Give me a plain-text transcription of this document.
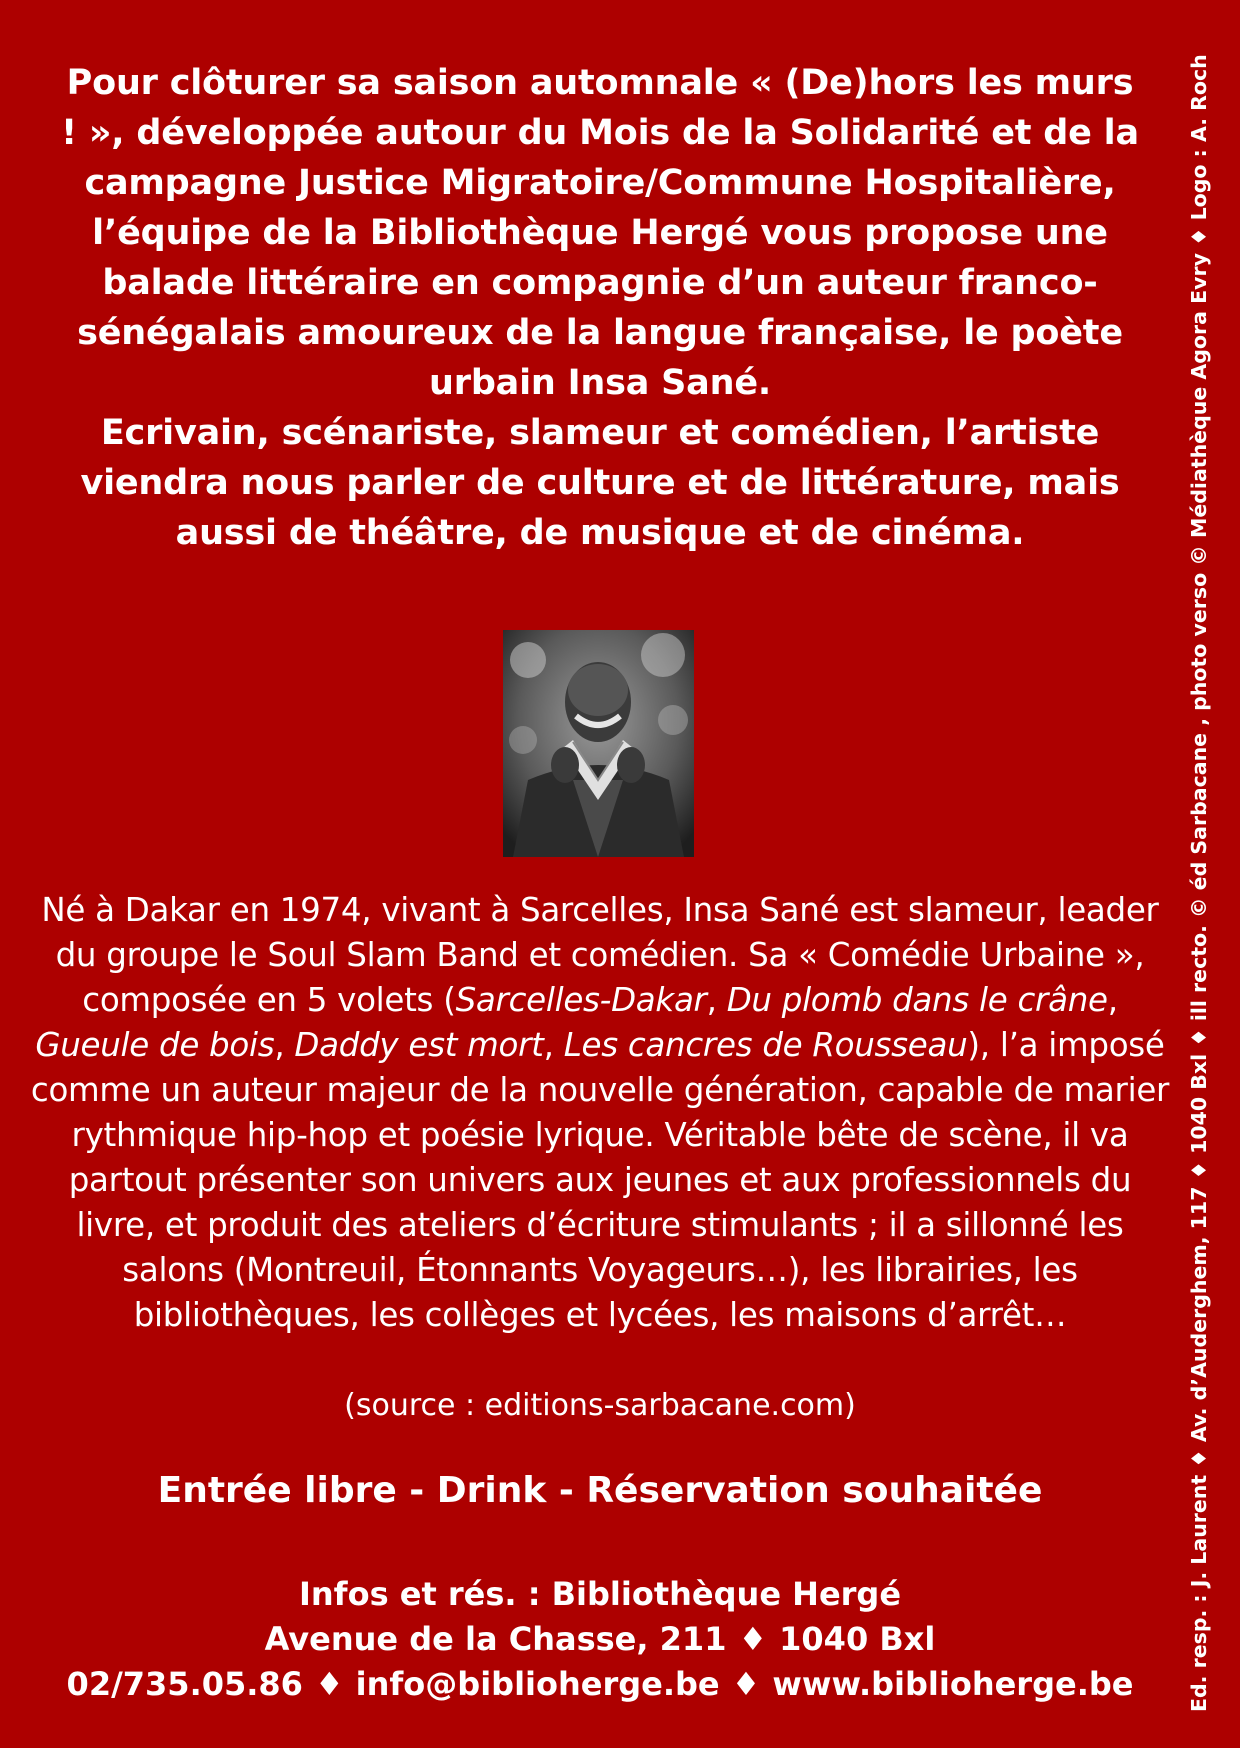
Pour clôturer sa saison automnale « (De)hors les murs ! », développée autour du Mois de la Solidarité et de la campagne Justice Migratoire/Commune Hospitalière, l’équipe de la Bibliothèque Hergé vous propose une balade littéraire en compagnie d’un auteur franco-sénégalais amoureux de la langue française, le poète urbain Insa Sané.

Ecrivain, scénariste, slameur et comédien, l’artiste viendra nous parler de culture et de littérature, mais aussi de théâtre, de musique et de cinéma.

Né à Dakar en 1974, vivant à Sarcelles, Insa Sané est slameur, leader du groupe le Soul Slam Band et comédien. Sa « Comédie Urbaine », composée en 5 volets (Sarcelles-Dakar, Du plomb dans le crâne, Gueule de bois, Daddy est mort, Les cancres de Rousseau), l’a imposé comme un auteur majeur de la nouvelle génération, capable de marier rythmique hip-hop et poésie lyrique. Véritable bête de scène, il va partout présenter son univers aux jeunes et aux professionnels du livre, et produit des ateliers d’écriture stimulants ; il a sillonné les salons (Montreuil, Étonnants Voyageurs…), les librairies, les bibliothèques, les collèges et lycées, les maisons d’arrêt…

(source : editions-sarbacane.com)
Entrée libre - Drink - Réservation souhaitée
Infos et rés. : Bibliothèque Hergé
Avenue de la Chasse, 211 ♦ 1040 Bxl
02/735.05.86 ♦ info@biblioherge.be ♦ www.biblioherge.be	Ed. resp. : J. Laurent ♦ Av. d’Auderghem, 117 ♦ 1040 Bxl ♦ ill recto. © éd Sarbacane , photo verso © Médiathèque Agora Evry ♦ Logo : A. Roch
